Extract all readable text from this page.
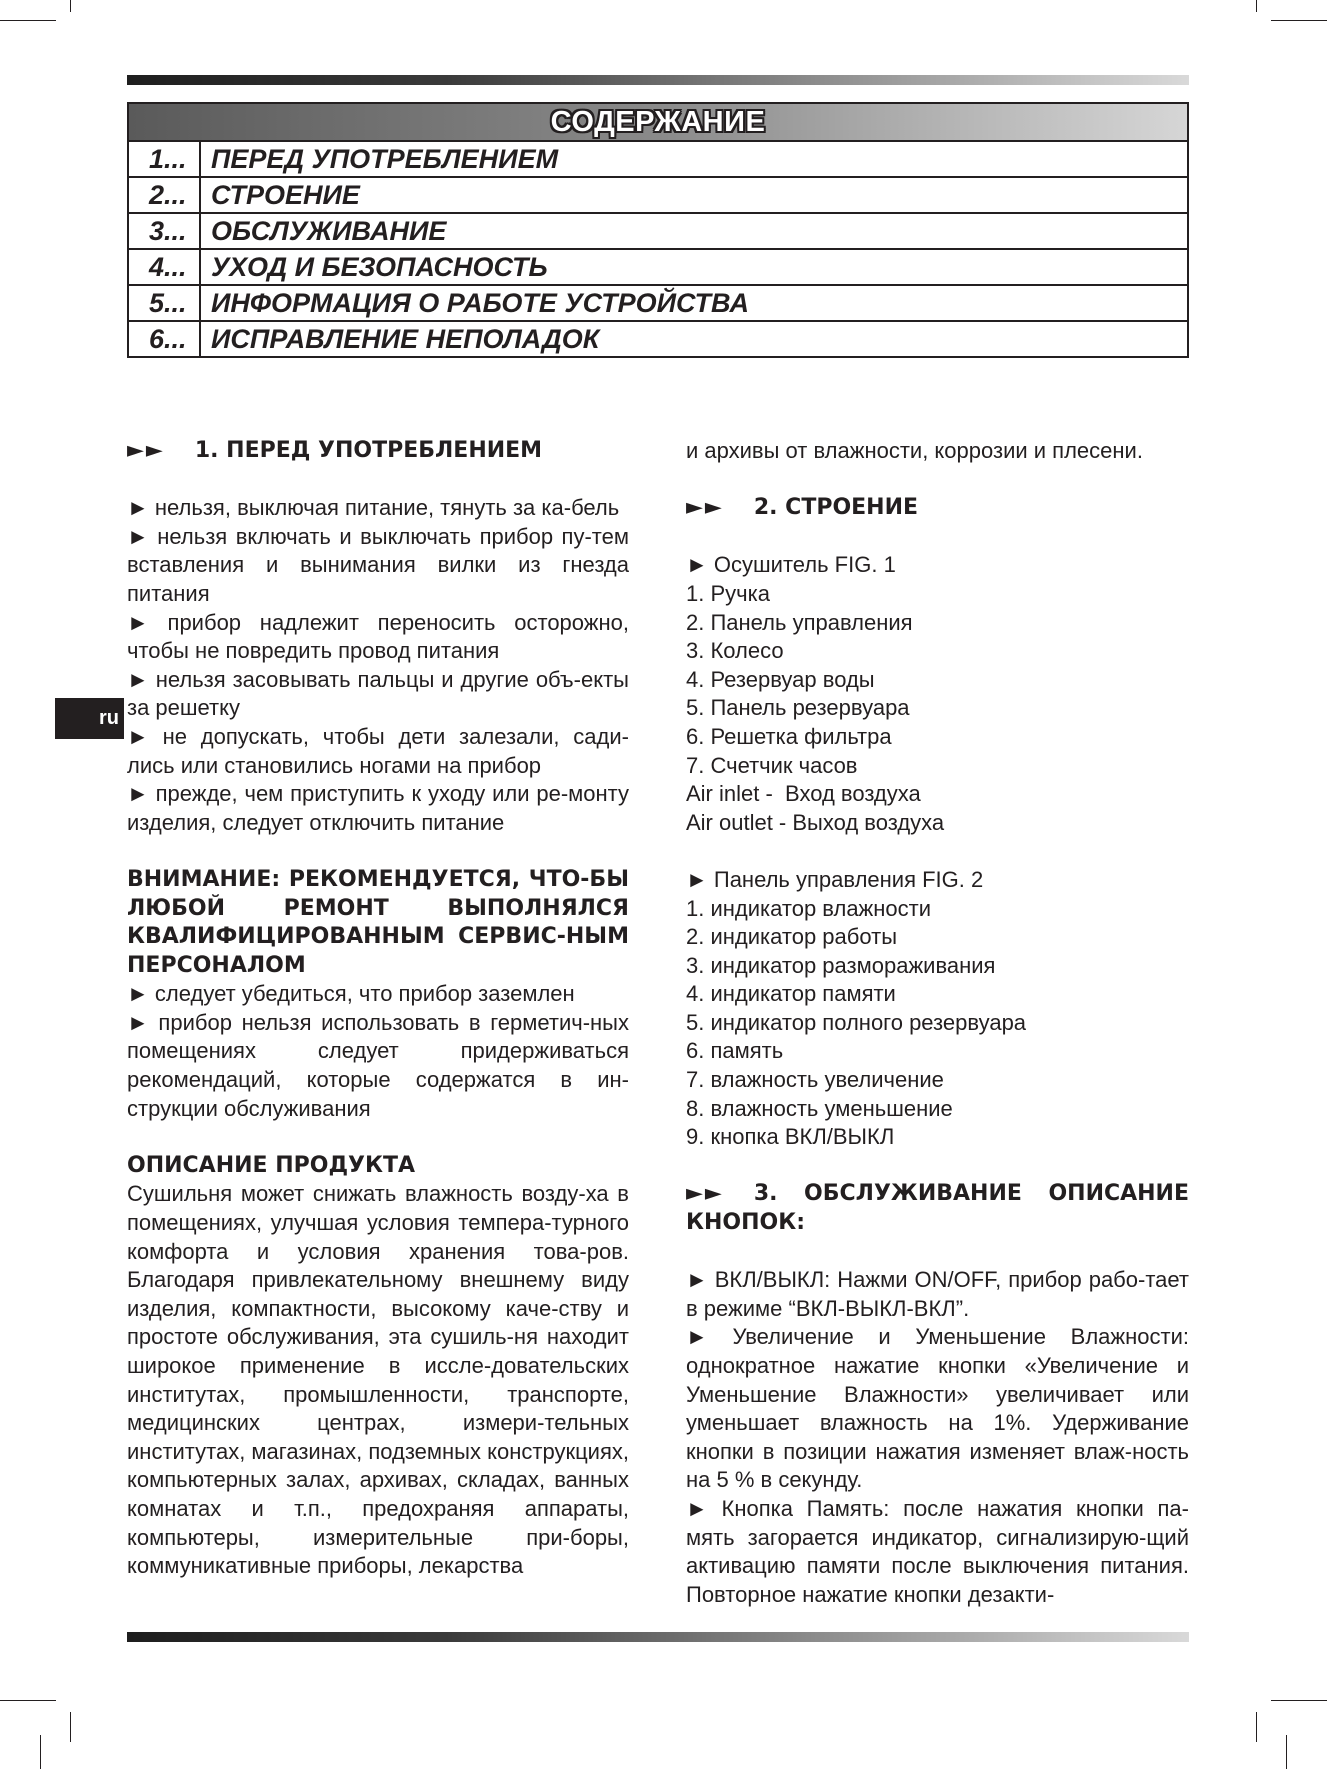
СОДЕРЖАНИЕ
1... ПЕРЕД УПОТРЕБЛЕНИЕМ
2... СТРОЕНИЕ
3... ОБСЛУЖИВАНИЕ
4... УХОД И БЕЗОПАСНОСТЬ
5... ИНФОРМАЦИЯ О РАБОТЕ УСТРОЙСТВА
6... ИСПРАВЛЕНИЕ НЕПОЛАДОК
ru

►► 1. ПЕРЕД УПОТРЕБЛЕНИЕМ

► нельзя, выключая питание, тянуть за ка-бель

► нельзя включать и выключать прибор пу-тем вставления и вынимания вилки из гнезда питания

► прибор надлежит переносить осторожно, чтобы не повредить провод питания

► нельзя засовывать пальцы и другие объ-екты за решетку

► не допускать, чтобы дети залезали, сади-лись или становились ногами на прибор

► прежде, чем приступить к уходу или ре-монту изделия, следует отключить питание

ВНИМАНИЕ: РЕКОМЕНДУЕТСЯ, ЧТО-БЫ ЛЮБОЙ РЕМОНТ ВЫПОЛНЯЛСЯ КВАЛИФИЦИРОВАННЫМ СЕРВИС-НЫМ ПЕРСОНАЛОМ

► следует убедиться, что прибор заземлен

► прибор нельзя использовать в герметич-ных помещениях следует придерживаться рекомендаций, которые содержатся в ин-струкции обслуживания

ОПИСАНИЕ ПРОДУКТА

Сушильня может снижать влажность возду-ха в помещениях, улучшая условия темпера-турного комфорта и условия хранения това-ров. Благодаря привлекательному внешнему виду изделия, компактности, высокому каче-ству и простоте обслуживания, эта сушиль-ня находит широкое применение в иссле-довательских институтах, промышленности, транспорте, медицинских центрах, измери-тельных институтах, магазинах, подземных конструкциях, компьютерных залах, архивах, складах, ванных комнатах и т.п., предохраняя аппараты, компьютеры, измерительные при-боры, коммуникативные приборы, лекарства

и архивы от влажности, коррозии и плесени.

►► 2. СТРОЕНИЕ

► Осушитель FIG. 1

1. Ручка

2. Панель управления

3. Колесо

4. Резервуар воды

5. Панель резервуара

6. Решетка фильтра

7. Счетчик часов

Air inlet -  Вход воздуха

Air outlet - Выход воздуха

► Панель управления FIG. 2

1. индикатор влажности

2. индикатор работы

3. индикатор размораживания

4. индикатор памяти

5. индикатор полного резервуара

6. память

7. влажность увеличение

8. влажность уменьшение

9. кнопка ВКЛ/ВЫКЛ

►► 3. ОБСЛУЖИВАНИЕ ОПИСАНИЕ КНОПОК:

► ВКЛ/ВЫКЛ: Нажми ON/OFF, прибор рабо-тает в режиме “ВКЛ-ВЫКЛ-ВКЛ”.

► Увеличение и Уменьшение Влажности: однократное нажатие кнопки «Увеличение и Уменьшение Влажности» увеличивает или уменьшает влажность на 1%. Удерживание кнопки в позиции нажатия изменяет влаж-ность на 5 % в секунду.

► Кнопка Память: после нажатия кнопки па-мять загорается индикатор, сигнализирую-щий активацию памяти после выключения питания. Повторное нажатие кнопки дезакти-
